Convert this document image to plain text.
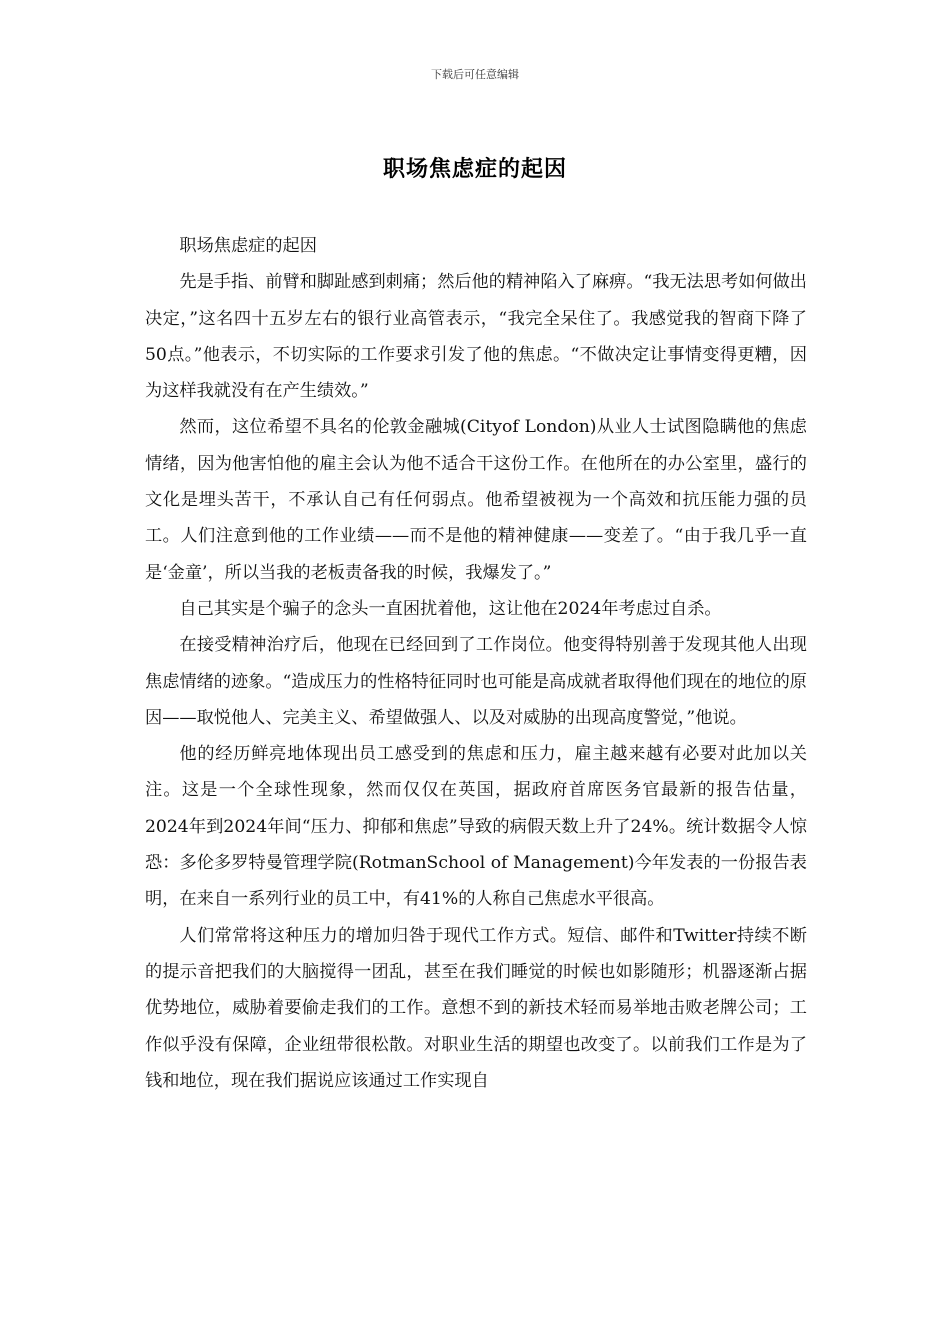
下载后可任意编辑
职场焦虑症的起因

职场焦虑症的起因

先是手指、前臂和脚趾感到刺痛；然后他的精神陷入了麻痹。“我无法思考如何做出决定，”这名四十五岁左右的银行业高管表示，“我完全呆住了。我感觉我的智商下降了50点。”他表示，不切实际的工作要求引发了他的焦虑。“不做决定让事情变得更糟，因为这样我就没有在产生绩效。”

然而，这位希望不具名的伦敦金融城(Cityof London)从业人士试图隐瞒他的焦虑情绪，因为他害怕他的雇主会认为他不适合干这份工作。在他所在的办公室里，盛行的文化是埋头苦干，不承认自己有任何弱点。他希望被视为一个高效和抗压能力强的员工。人们注意到他的工作业绩——而不是他的精神健康——变差了。“由于我几乎一直是‘金童’，所以当我的老板责备我的时候，我爆发了。”

自己其实是个骗子的念头一直困扰着他，这让他在2024年考虑过自杀。

在接受精神治疗后，他现在已经回到了工作岗位。他变得特别善于发现其他人出现焦虑情绪的迹象。“造成压力的性格特征同时也可能是高成就者取得他们现在的地位的原因——取悦他人、完美主义、希望做强人、以及对威胁的出现高度警觉，”他说。

他的经历鲜亮地体现出员工感受到的焦虑和压力，雇主越来越有必要对此加以关注。这是一个全球性现象，然而仅仅在英国，据政府首席医务官最新的报告估量，2024年到2024年间“压力、抑郁和焦虑”导致的病假天数上升了24%。统计数据令人惊恐：多伦多罗特曼管理学院(RotmanSchool of Management)今年发表的一份报告表明，在来自一系列行业的员工中，有41%的人称自己焦虑水平很高。

人们常常将这种压力的增加归咎于现代工作方式。短信、邮件和Twitter持续不断的提示音把我们的大脑搅得一团乱，甚至在我们睡觉的时候也如影随形；机器逐渐占据优势地位，威胁着要偷走我们的工作。意想不到的新技术轻而易举地击败老牌公司；工作似乎没有保障，企业纽带很松散。对职业生活的期望也改变了。以前我们工作是为了钱和地位，现在我们据说应该通过工作实现自
